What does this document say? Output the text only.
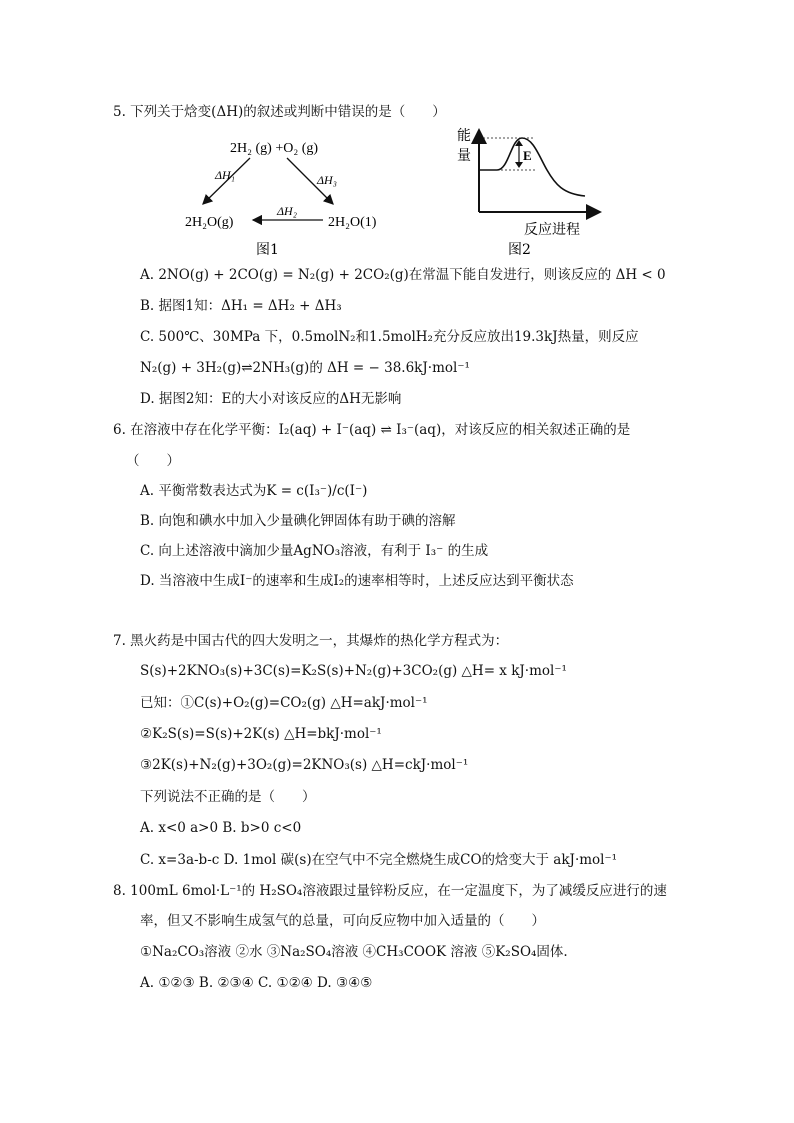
5. 下列关于焓变(ΔH)的叙述或判断中错误的是（　　）
2H₂ (g) +O₂ (g)
ΔH₁	ΔH₃
2H₂O(g)	2H₂O(1)
ΔH₂
图1
能
量	E
反应进程
图2
A. 2NO(g) + 2CO(g) = N₂(g) + 2CO₂(g)在常温下能自发进行，则该反应的 ΔH < 0
B. 据图1知：ΔH₁ = ΔH₂ + ΔH₃
C. 500℃、30MPa 下，0.5molN₂和1.5molH₂充分反应放出19.3kJ热量，则反应
N₂(g) + 3H₂(g)⇌2NH₃(g)的 ΔH = − 38.6kJ·mol⁻¹
D. 据图2知：E的大小对该反应的ΔH无影响
6. 在溶液中存在化学平衡：I₂(aq) + I⁻(aq) ⇌ I₃⁻(aq)，对该反应的相关叙述正确的是
（　　）
A. 平衡常数表达式为K = c(I₃⁻)/c(I⁻)
B. 向饱和碘水中加入少量碘化钾固体有助于碘的溶解
C. 向上述溶液中滴加少量AgNO₃溶液，有利于 I₃⁻ 的生成
D. 当溶液中生成I⁻的速率和生成I₂的速率相等时，上述反应达到平衡状态
7. 黑火药是中国古代的四大发明之一，其爆炸的热化学方程式为：
S(s)+2KNO₃(s)+3C(s)=K₂S(s)+N₂(g)+3CO₂(g) △H= x kJ·mol⁻¹
已知：①C(s)+O₂(g)=CO₂(g) △H=akJ·mol⁻¹
②K₂S(s)=S(s)+2K(s) △H=bkJ·mol⁻¹
③2K(s)+N₂(g)+3O₂(g)=2KNO₃(s) △H=ckJ·mol⁻¹
下列说法不正确的是（　　）
A. x<0 a>0 B. b>0 c<0
C. x=3a-b-c D. 1mol 碳(s)在空气中不完全燃烧生成CO的焓变大于 akJ·mol⁻¹
8. 100mL 6mol·L⁻¹的 H₂SO₄溶液跟过量锌粉反应，在一定温度下，为了减缓反应进行的速
率，但又不影响生成氢气的总量，可向反应物中加入适量的（　　）
①Na₂CO₃溶液 ②水 ③Na₂SO₄溶液 ④CH₃COOK 溶液 ⑤K₂SO₄固体.
A. ①②③ B. ②③④ C. ①②④ D. ③④⑤
